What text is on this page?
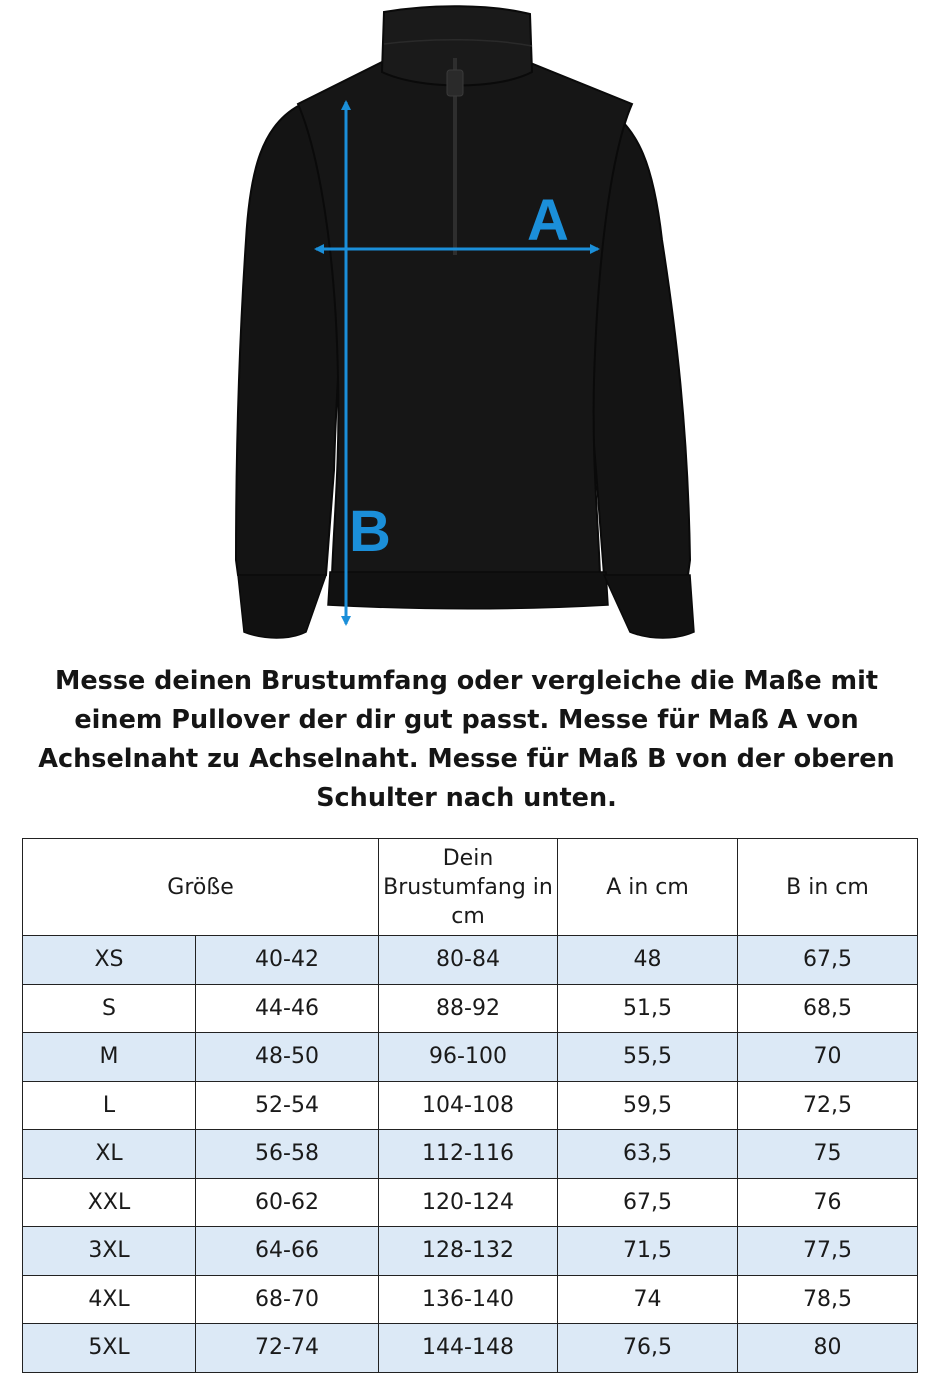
A
B
Messe deinen Brustumfang oder vergleiche die Maße mit einem Pullover der dir gut passt. Messe für Maß A von Achselnaht zu Achselnaht. Messe für Maß B von der oberen Schulter nach unten.
Größe		Dein Brustumfang in cm	A in cm	B in cm
XS	40-42	80-84	48	67,5
S	44-46	88-92	51,5	68,5
M	48-50	96-100	55,5	70
L	52-54	104-108	59,5	72,5
XL	56-58	112-116	63,5	75
XXL	60-62	120-124	67,5	76
3XL	64-66	128-132	71,5	77,5
4XL	68-70	136-140	74	78,5
5XL	72-74	144-148	76,5	80
